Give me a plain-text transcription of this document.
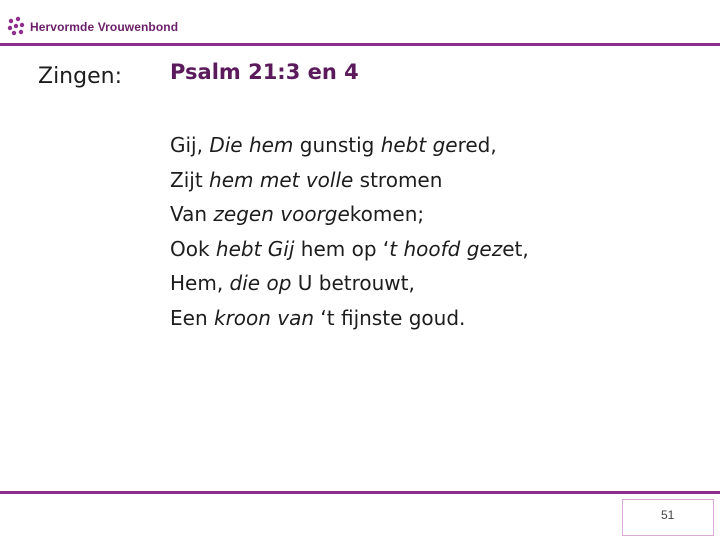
Hervormde Vrouwenbond
Zingen: Psalm 21:3 en 4
Gij, Die hem gunstig hebt gered,
Zijt hem met volle stromen
Van zegen voorgekomen;
Ook hebt Gij hem op ‘t hoofd gezet,
Hem, die op U betrouwt,
Een kroon van ‘t fijnste goud.
51
